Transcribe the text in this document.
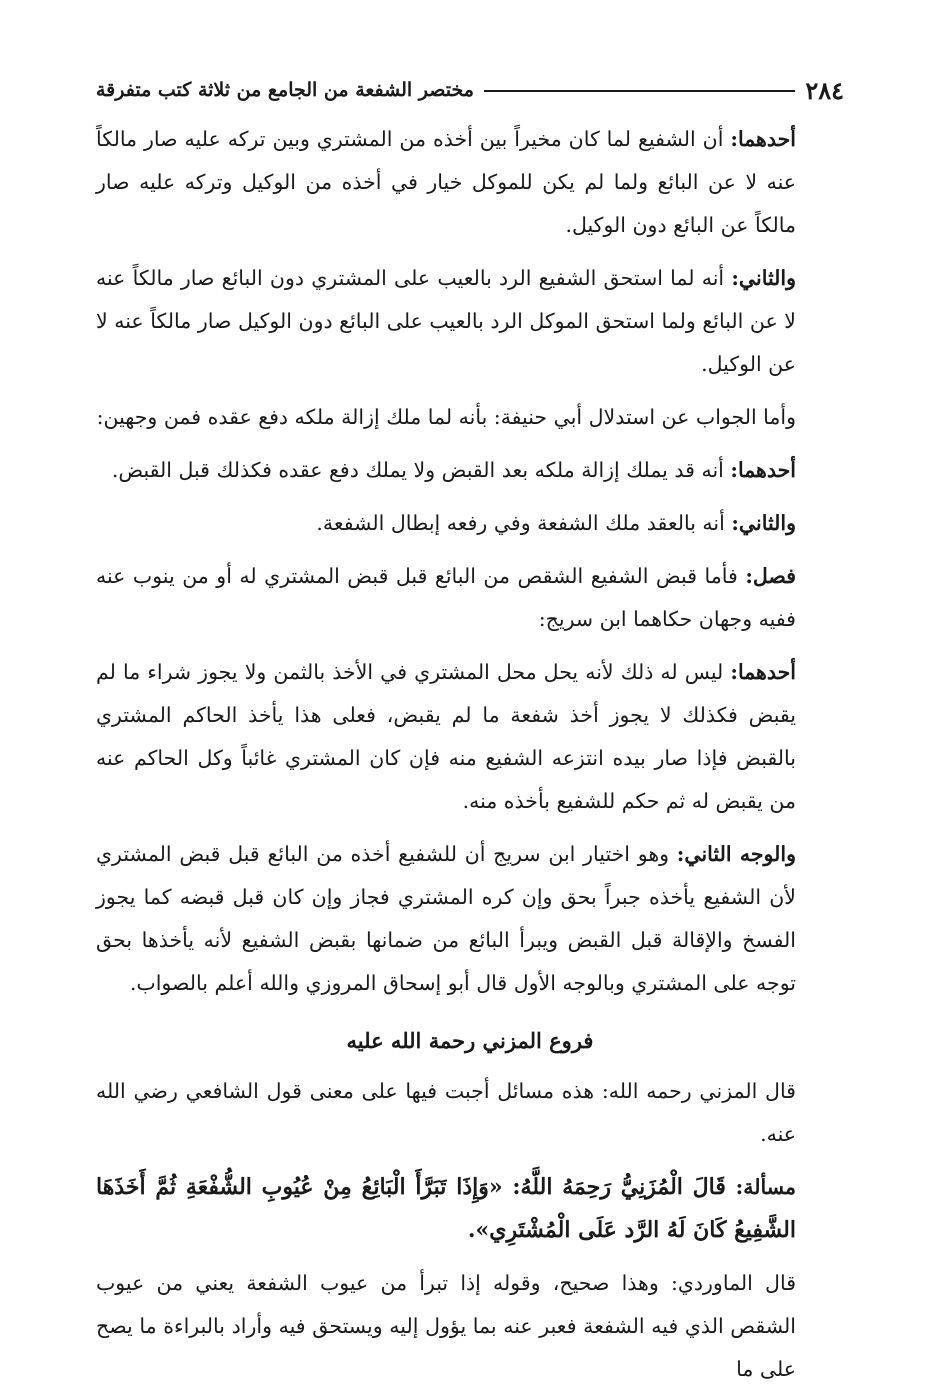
٢٨٤
مختصر الشفعة من الجامع من ثلاثة كتب متفرقة

أحدهما: أن الشفيع لما كان مخيراً بين أخذه من المشتري وبين تركه عليه صار مالكاً عنه لا عن البائع ولما لم يكن للموكل خيار في أخذه من الوكيل وتركه عليه صار مالكاً عن البائع دون الوكيل.

والثاني: أنه لما استحق الشفيع الرد بالعيب على المشتري دون البائع صار مالكاً عنه لا عن البائع ولما استحق الموكل الرد بالعيب على البائع دون الوكيل صار مالكاً عنه لا عن الوكيل.

وأما الجواب عن استدلال أبي حنيفة: بأنه لما ملك إزالة ملكه دفع عقده فمن وجهين:

أحدهما: أنه قد يملك إزالة ملكه بعد القبض ولا يملك دفع عقده فكذلك قبل القبض.

والثاني: أنه بالعقد ملك الشفعة وفي رفعه إبطال الشفعة.

فصل: فأما قبض الشفيع الشقص من البائع قبل قبض المشتري له أو من ينوب عنه ففيه وجهان حكاهما ابن سريج:

أحدهما: ليس له ذلك لأنه يحل محل المشتري في الأخذ بالثمن ولا يجوز شراء ما لم يقبض فكذلك لا يجوز أخذ شفعة ما لم يقبض، فعلى هذا يأخذ الحاكم المشتري بالقبض فإذا صار بيده انتزعه الشفيع منه فإن كان المشتري غائباً وكل الحاكم عنه من يقبض له ثم حكم للشفيع بأخذه منه.

والوجه الثاني: وهو اختيار ابن سريج أن للشفيع أخذه من البائع قبل قبض المشتري لأن الشفيع يأخذه جبراً بحق وإن كره المشتري فجاز وإن كان قبل قبضه كما يجوز الفسخ والإقالة قبل القبض ويبرأ البائع من ضمانها بقبض الشفيع لأنه يأخذها بحق توجه على المشتري وبالوجه الأول قال أبو إسحاق المروزي والله أعلم بالصواب.

فروع المزني رحمة الله عليه

قال المزني رحمه الله: هذه مسائل أجبت فيها على معنى قول الشافعي رضي الله عنه.

مسألة: قَالَ الْمُزَنِيُّ رَحِمَهُ اللَّهُ: «وَإِذَا تَبَرَّأَ الْبَائِعُ مِنْ عُيُوبِ الشُّفْعَةِ ثُمَّ أَخَذَهَا الشَّفِيعُ كَانَ لَهُ الرَّد عَلَى الْمُشْتَرِي».

قال الماوردي: وهذا صحيح، وقوله إذا تبرأ من عيوب الشفعة يعني من عيوب الشقص الذي فيه الشفعة فعبر عنه بما يؤول إليه ويستحق فيه وأراد بالبراءة ما يصح على ما
